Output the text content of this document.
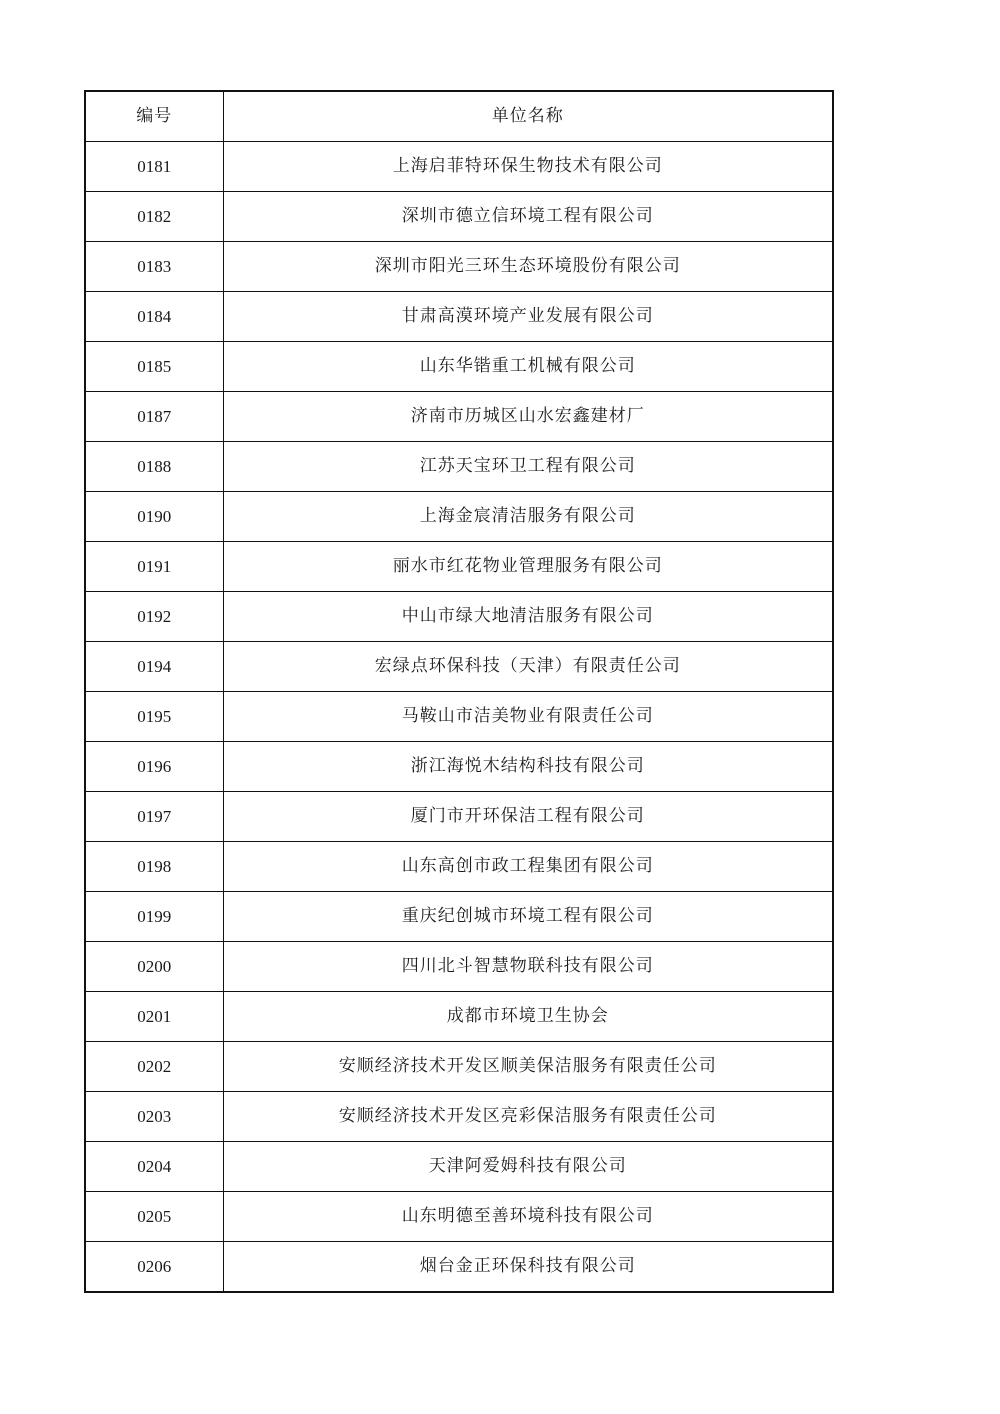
编号	单位名称
0181	上海启菲特环保生物技术有限公司
0182	深圳市德立信环境工程有限公司
0183	深圳市阳光三环生态环境股份有限公司
0184	甘肃高漠环境产业发展有限公司
0185	山东华锴重工机械有限公司
0187	济南市历城区山水宏鑫建材厂
0188	江苏天宝环卫工程有限公司
0190	上海金宸清洁服务有限公司
0191	丽水市红花物业管理服务有限公司
0192	中山市绿大地清洁服务有限公司
0194	宏绿点环保科技（天津）有限责任公司
0195	马鞍山市洁美物业有限责任公司
0196	浙江海悦木结构科技有限公司
0197	厦门市开环保洁工程有限公司
0198	山东高创市政工程集团有限公司
0199	重庆纪创城市环境工程有限公司
0200	四川北斗智慧物联科技有限公司
0201	成都市环境卫生协会
0202	安顺经济技术开发区顺美保洁服务有限责任公司
0203	安顺经济技术开发区亮彩保洁服务有限责任公司
0204	天津阿爱姆科技有限公司
0205	山东明德至善环境科技有限公司
0206	烟台金正环保科技有限公司
